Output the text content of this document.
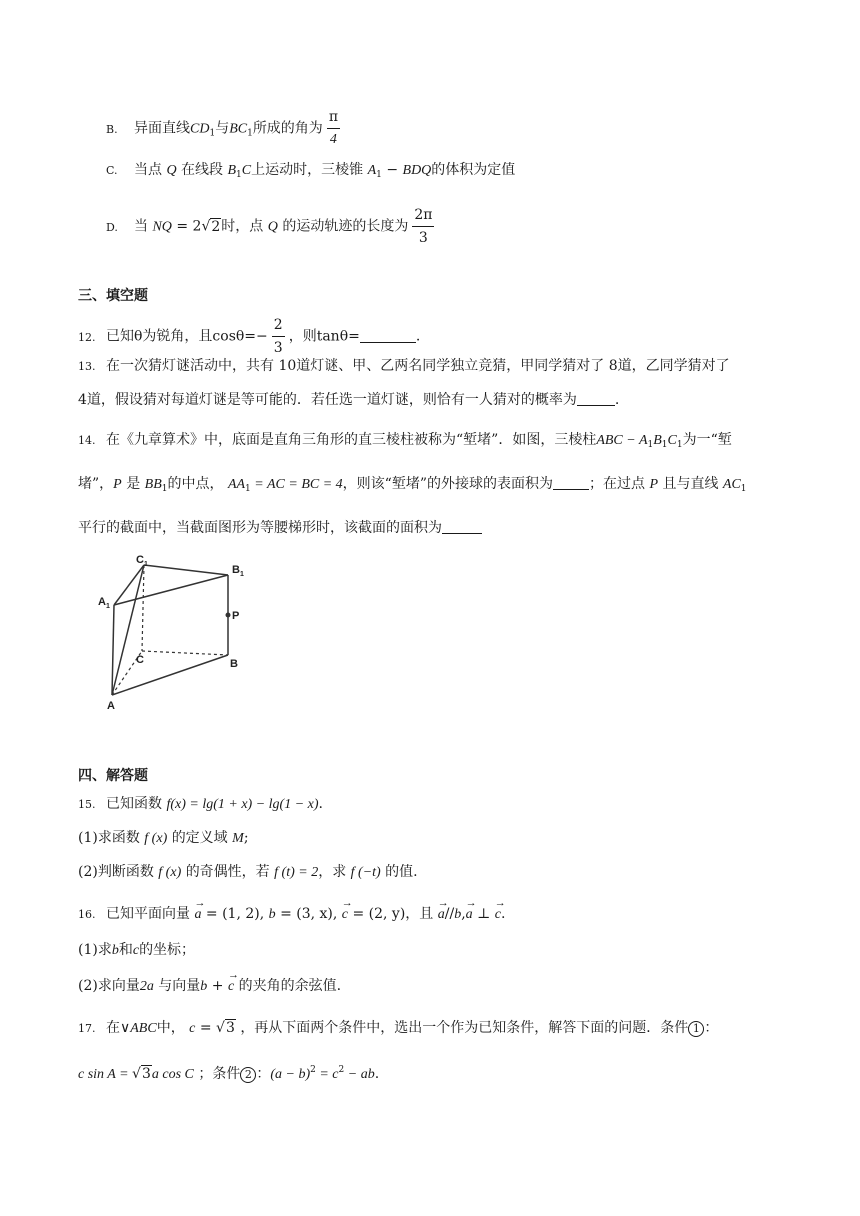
B. 异面直线$CD_1$与$BC_1$所成的角为 $\frac{\pi}{4}$
C. 当点 Q 在线段 $B_1C$上运动时，三棱锥 $A_1$ − BDQ的体积为定值
D. 当 NQ = 2√2时，点 Q 的运动轨迹的长度为 $\frac{2\pi}{3}$
三、填空题
12. 已知θ为锐角，且$\cos\theta=- \frac{2}{3}$ ，则tanθ=	.
13. 在一次猜灯谜活动中，共有 10道灯谜、甲、乙两名同学独立竞猜，甲同学猜对了 8道，乙同学猜对了
4道，假设猜对每道灯谜是等可能的．若任选一道灯谜，则恰有一人猜对的概率为	.
14. 在《九章算术》中，底面是直角三角形的直三棱柱被称为“堑堵”．如图，三棱柱ABC − $A_1B_1C_1$为一“堑
堵”，P 是 $BB_1$的中点， $AA_1$ = AC = BC = 4，则该“堑堵”的外接球的表面积为	；在过点 P 且与直线 $AC_1$
平行的截面中，当截面图形为等腰梯形时，该截面的面积为
$C_1$	$B_1$
$A_1$
P
C	B
A
四、解答题
15. 已知函数 f(x) = lg(1 + x) − lg(1 − x).
(1)求函数 f (x) 的定义域 M;
(2)判断函数 f (x) 的奇偶性，若 f (t) = 2，求 f (−t) 的值.
16. 已知平面向量 → a = (1, 2), b = (3, x), → c = (2, y)，且 → a//b,→ a ⊥ → c.
(1)求b和c的坐标；
(2)求向量2a 与向量b + → c 的夹角的余弦值.
17. 在∨ABC中， c = √3 ，再从下面两个条件中，选出一个作为已知条件，解答下面的问题．条件 1 ：
c sin A = √3a cos C ；条件 2 ：$(a - b)^2 = c^2$ − ab.
